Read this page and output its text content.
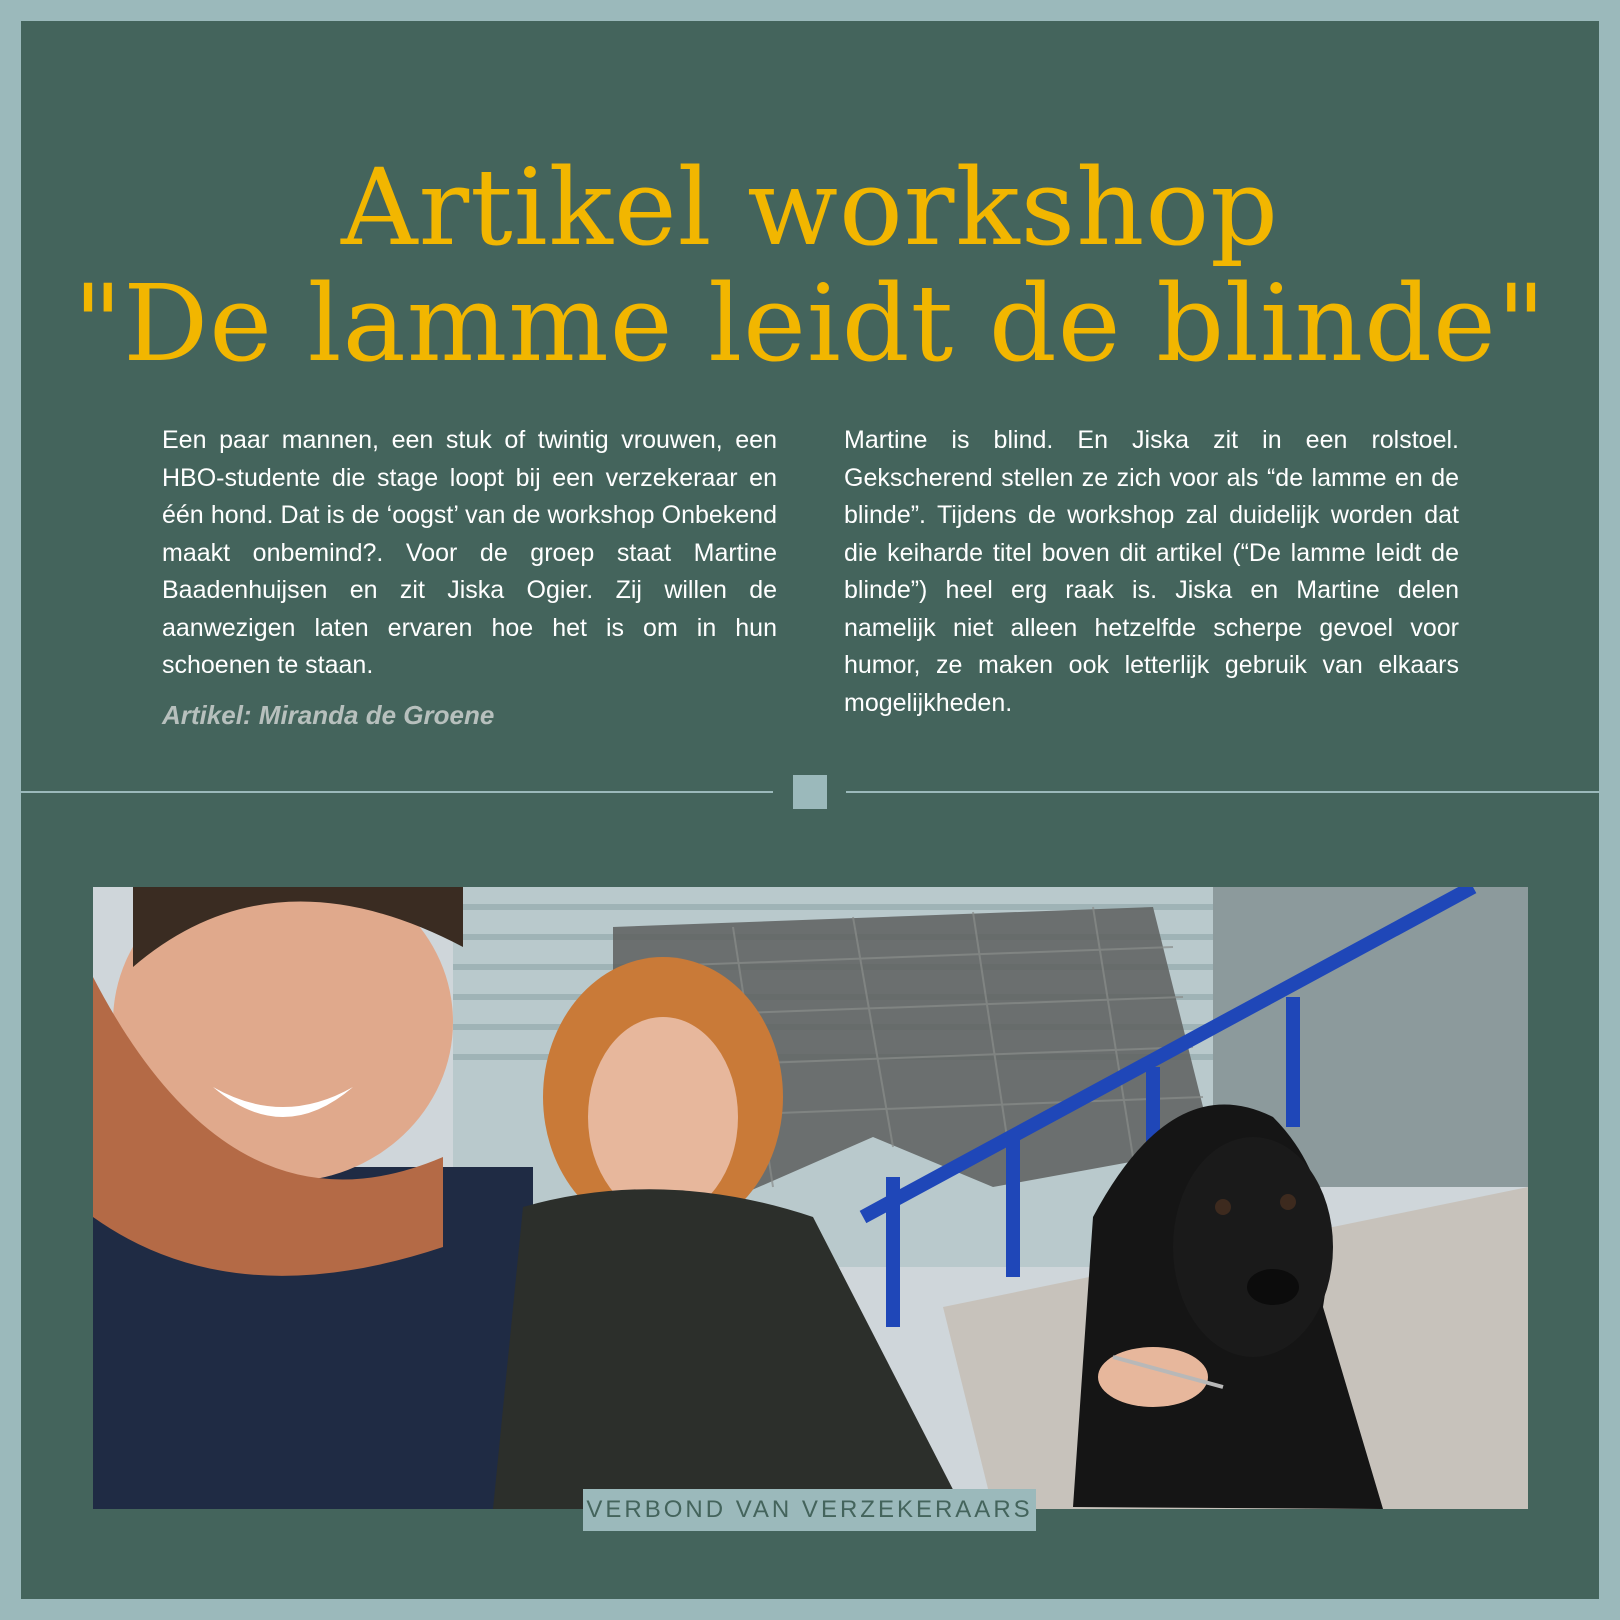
Artikel workshop
"De lamme leidt de blinde"

Een paar mannen, een stuk of twintig vrouwen, een HBO-studente die stage loopt bij een verzekeraar en één hond. Dat is de ‘oogst’ van de workshop Onbekend maakt onbemind?. Voor de groep staat Martine Baadenhuijsen en zit Jiska Ogier. Zij willen de aanwezigen laten ervaren hoe het is om in hun schoenen te staan.

Artikel: Miranda de Groene

Martine is blind. En Jiska zit in een rolstoel. Gekscherend stellen ze zich voor als “de lamme en de blinde”. Tijdens de workshop zal duidelijk worden dat die keiharde titel boven dit artikel (“De lamme leidt de blinde”) heel erg raak is. Jiska en Martine delen namelijk niet alleen hetzelfde scherpe gevoel voor humor, ze maken ook letterlijk gebruik van elkaars mogelijkheden.

VERBOND VAN VERZEKERAARS
